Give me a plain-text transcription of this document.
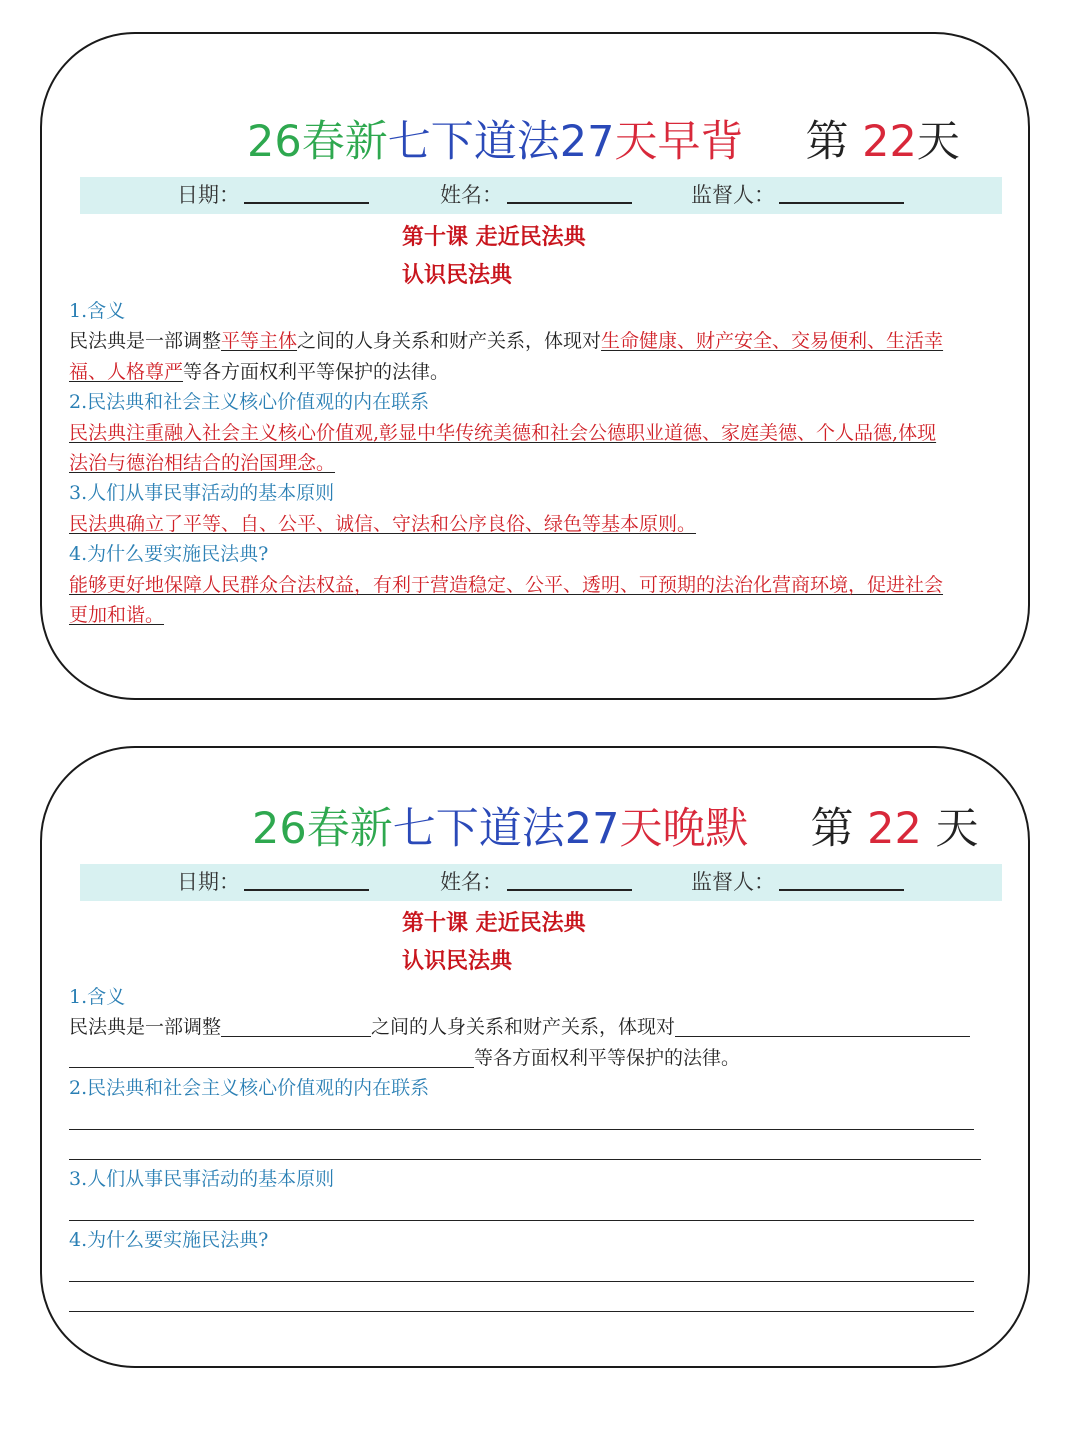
26春新七下道法27天早背 第 22天
日期：	姓名：	监督人：
第十课 走近民法典
认识民法典
1.含义
民法典是一部调整平等主体之间的人身关系和财产关系，体现对生命健康、财产安全、交易便利、生活幸
福、人格尊严等各方面权利平等保护的法律。
2.民法典和社会主义核心价值观的内在联系
民法典注重融入社会主义核心价值观,彰显中华传统美德和社会公德职业道德、家庭美德、个人品德,体现
法治与德治相结合的治国理念。
3.人们从事民事活动的基本原则
民法典确立了平等、自、公平、诚信、守法和公序良俗、绿色等基本原则。
4.为什么要实施民法典?
能够更好地保障人民群众合法权益，有利于营造稳定、公平、透明、可预期的法治化营商环境，促进社会
更加和谐。
26春新七下道法27天晚默 第 22 天
日期：	姓名：	监督人：
第十课 走近民法典
认识民法典
1.含义
民法典是一部调整	之间的人身关系和财产关系，体现对
等各方面权利平等保护的法律。
2.民法典和社会主义核心价值观的内在联系
3.人们从事民事活动的基本原则
4.为什么要实施民法典?
